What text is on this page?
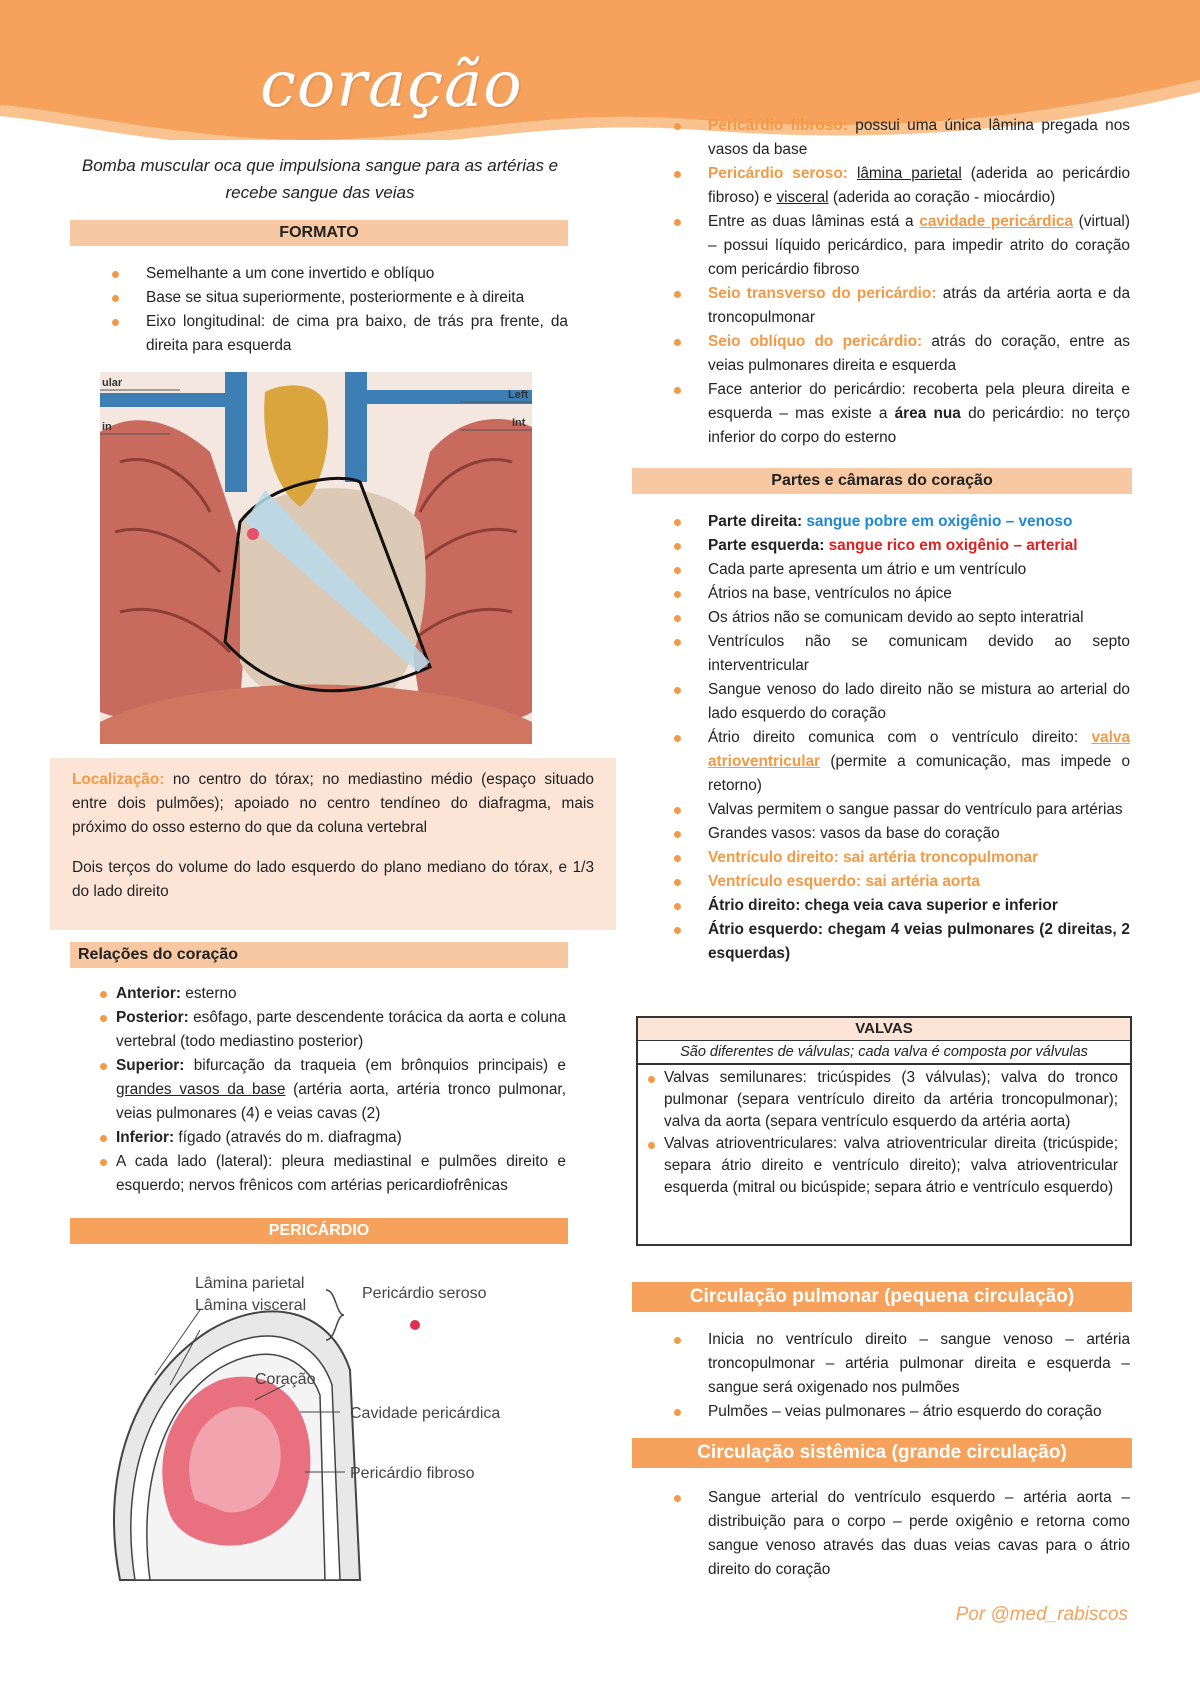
coração
Bomba muscular oca que impulsiona sangue para as artérias e recebe sangue das veias
FORMATO
Semelhante a um cone invertido e oblíquo
Base se situa superiormente, posteriormente e à direita
Eixo longitudinal: de cima pra baixo, de trás pra frente, da direita para esquerda
ular
in
Left
Int
Localização: no centro do tórax; no mediastino médio (espaço situado entre dois pulmões); apoiado no centro tendíneo do diafragma, mais próximo do osso esterno do que da coluna vertebral
Dois terços do volume do lado esquerdo do plano mediano do tórax, e 1/3 do lado direito
Relações do coração
Anterior: esterno
Posterior: esôfago, parte descendente torácica da aorta e coluna vertebral (todo mediastino posterior)
Superior: bifurcação da traqueia (em brônquios principais) e grandes vasos da base (artéria aorta, artéria tronco pulmonar, veias pulmonares (4) e veias cavas (2)
Inferior: fígado (através do m. diafragma)
A cada lado (lateral): pleura mediastinal e pulmões direito e esquerdo; nervos frênicos com artérias pericardiofrênicas
PERICÁRDIO
Lâmina parietal
Lâmina visceral
Pericárdio seroso
Coração
Cavidade pericárdica
Pericárdio fibroso
Pericárdio fibroso: possui uma única lâmina pregada nos vasos da base
Pericárdio seroso: lâmina parietal (aderida ao pericárdio fibroso) e visceral (aderida ao coração - miocárdio)
Entre as duas lâminas está a cavidade pericárdica (virtual) – possui líquido pericárdico, para impedir atrito do coração com pericárdio fibroso
Seio transverso do pericárdio: atrás da artéria aorta e da troncopulmonar
Seio oblíquo do pericárdio: atrás do coração, entre as veias pulmonares direita e esquerda
Face anterior do pericárdio: recoberta pela pleura direita e esquerda – mas existe a área nua do pericárdio: no terço inferior do corpo do esterno
Partes e câmaras do coração
Parte direita: sangue pobre em oxigênio – venoso
Parte esquerda: sangue rico em oxigênio – arterial
Cada parte apresenta um átrio e um ventrículo
Átrios na base, ventrículos no ápice
Os átrios não se comunicam devido ao septo interatrial
Ventrículos não se comunicam devido ao septo interventricular
Sangue venoso do lado direito não se mistura ao arterial do lado esquerdo do coração
Átrio direito comunica com o ventrículo direito: valva atrioventricular (permite a comunicação, mas impede o retorno)
Valvas permitem o sangue passar do ventrículo para artérias
Grandes vasos: vasos da base do coração
Ventrículo direito: sai artéria troncopulmonar
Ventrículo esquerdo: sai artéria aorta
Átrio direito: chega veia cava superior e inferior
Átrio esquerdo: chegam 4 veias pulmonares (2 direitas, 2 esquerdas)
VALVAS
São diferentes de válvulas; cada valva é composta por válvulas
Valvas semilunares: tricúspides (3 válvulas); valva do tronco pulmonar (separa ventrículo direito da artéria troncopulmonar); valva da aorta (separa ventrículo esquerdo da artéria aorta)
Valvas atrioventriculares: valva atrioventricular direita (tricúspide; separa átrio direito e ventrículo direito); valva atrioventricular esquerda (mitral ou bicúspide; separa átrio e ventrículo esquerdo)
Circulação pulmonar (pequena circulação)
Inicia no ventrículo direito – sangue venoso – artéria troncopulmonar – artéria pulmonar direita e esquerda – sangue será oxigenado nos pulmões
Pulmões – veias pulmonares – átrio esquerdo do coração
Circulação sistêmica (grande circulação)
Sangue arterial do ventrículo esquerdo – artéria aorta – distribuição para o corpo – perde oxigênio e retorna como sangue venoso através das duas veias cavas para o átrio direito do coração
Por @med_rabiscos
